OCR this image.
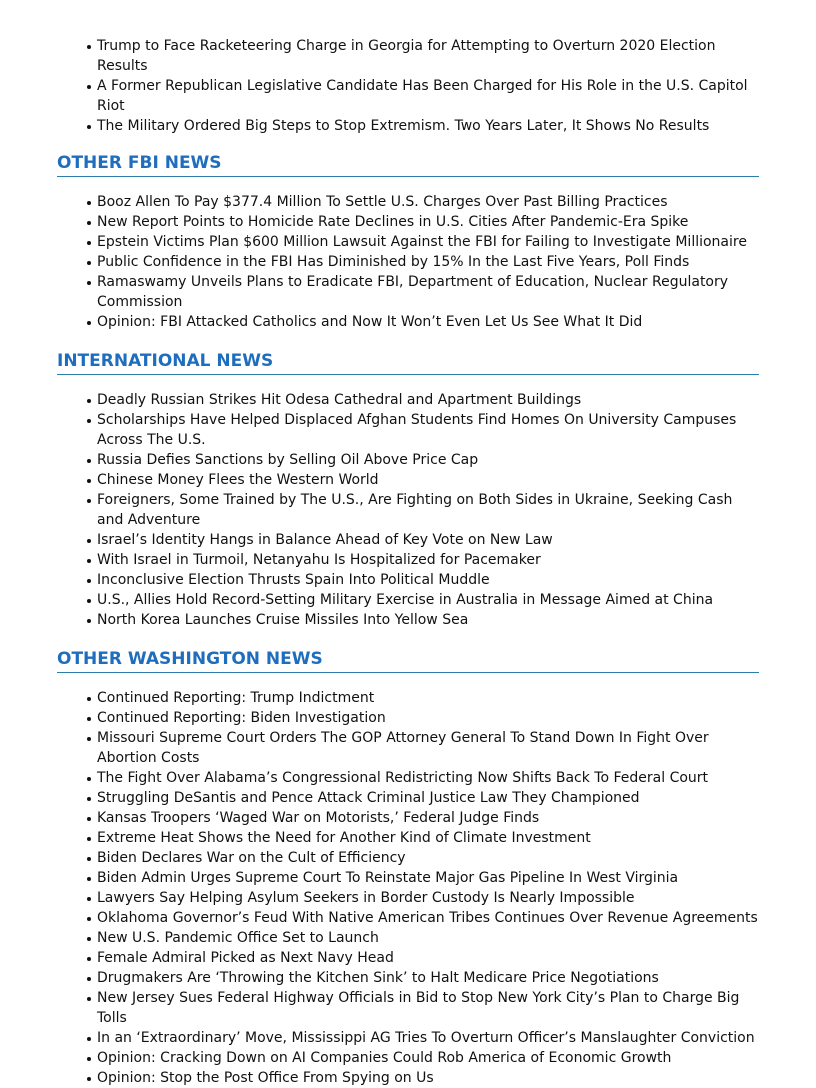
Trump to Face Racketeering Charge in Georgia for Attempting to Overturn 2020 Election Results
A Former Republican Legislative Candidate Has Been Charged for His Role in the U.S. Capitol Riot
The Military Ordered Big Steps to Stop Extremism. Two Years Later, It Shows No Results
OTHER FBI NEWS
Booz Allen To Pay $377.4 Million To Settle U.S. Charges Over Past Billing Practices
New Report Points to Homicide Rate Declines in U.S. Cities After Pandemic-Era Spike
Epstein Victims Plan $600 Million Lawsuit Against the FBI for Failing to Investigate Millionaire
Public Confidence in the FBI Has Diminished by 15% In the Last Five Years, Poll Finds
Ramaswamy Unveils Plans to Eradicate FBI, Department of Education, Nuclear Regulatory Commission
Opinion: FBI Attacked Catholics and Now It Won’t Even Let Us See What It Did
INTERNATIONAL NEWS
Deadly Russian Strikes Hit Odesa Cathedral and Apartment Buildings
Scholarships Have Helped Displaced Afghan Students Find Homes On University Campuses Across The U.S.
Russia Defies Sanctions by Selling Oil Above Price Cap
Chinese Money Flees the Western World
Foreigners, Some Trained by The U.S., Are Fighting on Both Sides in Ukraine, Seeking Cash and Adventure
Israel’s Identity Hangs in Balance Ahead of Key Vote on New Law
With Israel in Turmoil, Netanyahu Is Hospitalized for Pacemaker
Inconclusive Election Thrusts Spain Into Political Muddle
U.S., Allies Hold Record-Setting Military Exercise in Australia in Message Aimed at China
North Korea Launches Cruise Missiles Into Yellow Sea
OTHER WASHINGTON NEWS
Continued Reporting: Trump Indictment
Continued Reporting: Biden Investigation
Missouri Supreme Court Orders The GOP Attorney General To Stand Down In Fight Over Abortion Costs
The Fight Over Alabama’s Congressional Redistricting Now Shifts Back To Federal Court
Struggling DeSantis and Pence Attack Criminal Justice Law They Championed
Kansas Troopers ‘Waged War on Motorists,’ Federal Judge Finds
Extreme Heat Shows the Need for Another Kind of Climate Investment
Biden Declares War on the Cult of Efficiency
Biden Admin Urges Supreme Court To Reinstate Major Gas Pipeline In West Virginia
Lawyers Say Helping Asylum Seekers in Border Custody Is Nearly Impossible
Oklahoma Governor’s Feud With Native American Tribes Continues Over Revenue Agreements
New U.S. Pandemic Office Set to Launch
Female Admiral Picked as Next Navy Head
Drugmakers Are ‘Throwing the Kitchen Sink’ to Halt Medicare Price Negotiations
New Jersey Sues Federal Highway Officials in Bid to Stop New York City’s Plan to Charge Big Tolls
In an ‘Extraordinary’ Move, Mississippi AG Tries To Overturn Officer’s Manslaughter Conviction
Opinion: Cracking Down on AI Companies Could Rob America of Economic Growth
Opinion: Stop the Post Office From Spying on Us
